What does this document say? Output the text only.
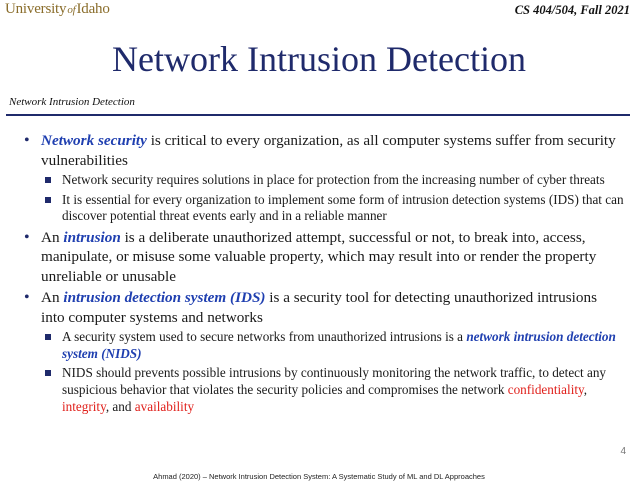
UniversityofIdaho	CS 404/504, Fall 2021
Network Intrusion Detection
Network Intrusion Detection
• Network security is critical to every organization, as all computer systems suffer from security vulnerabilities
Network security requires solutions in place for protection from the increasing number of cyber threats
It is essential for every organization to implement some form of intrusion detection systems (IDS) that can discover potential threat events early and in a reliable manner
• An intrusion is a deliberate unauthorized attempt, successful or not, to break into, access, manipulate, or misuse some valuable property, which may result into or render the property unreliable or unusable
• An intrusion detection system (IDS) is a security tool for detecting unauthorized intrusions into computer systems and networks
A security system used to secure networks from unauthorized intrusions is a network intrusion detection system (NIDS)
NIDS should prevents possible intrusions by continuously monitoring the network traffic, to detect any suspicious behavior that violates the security policies and compromises the network confidentiality, integrity, and availability
4
Ahmad (2020) – Network Intrusion Detection System: A Systematic Study of ML and DL Approaches
